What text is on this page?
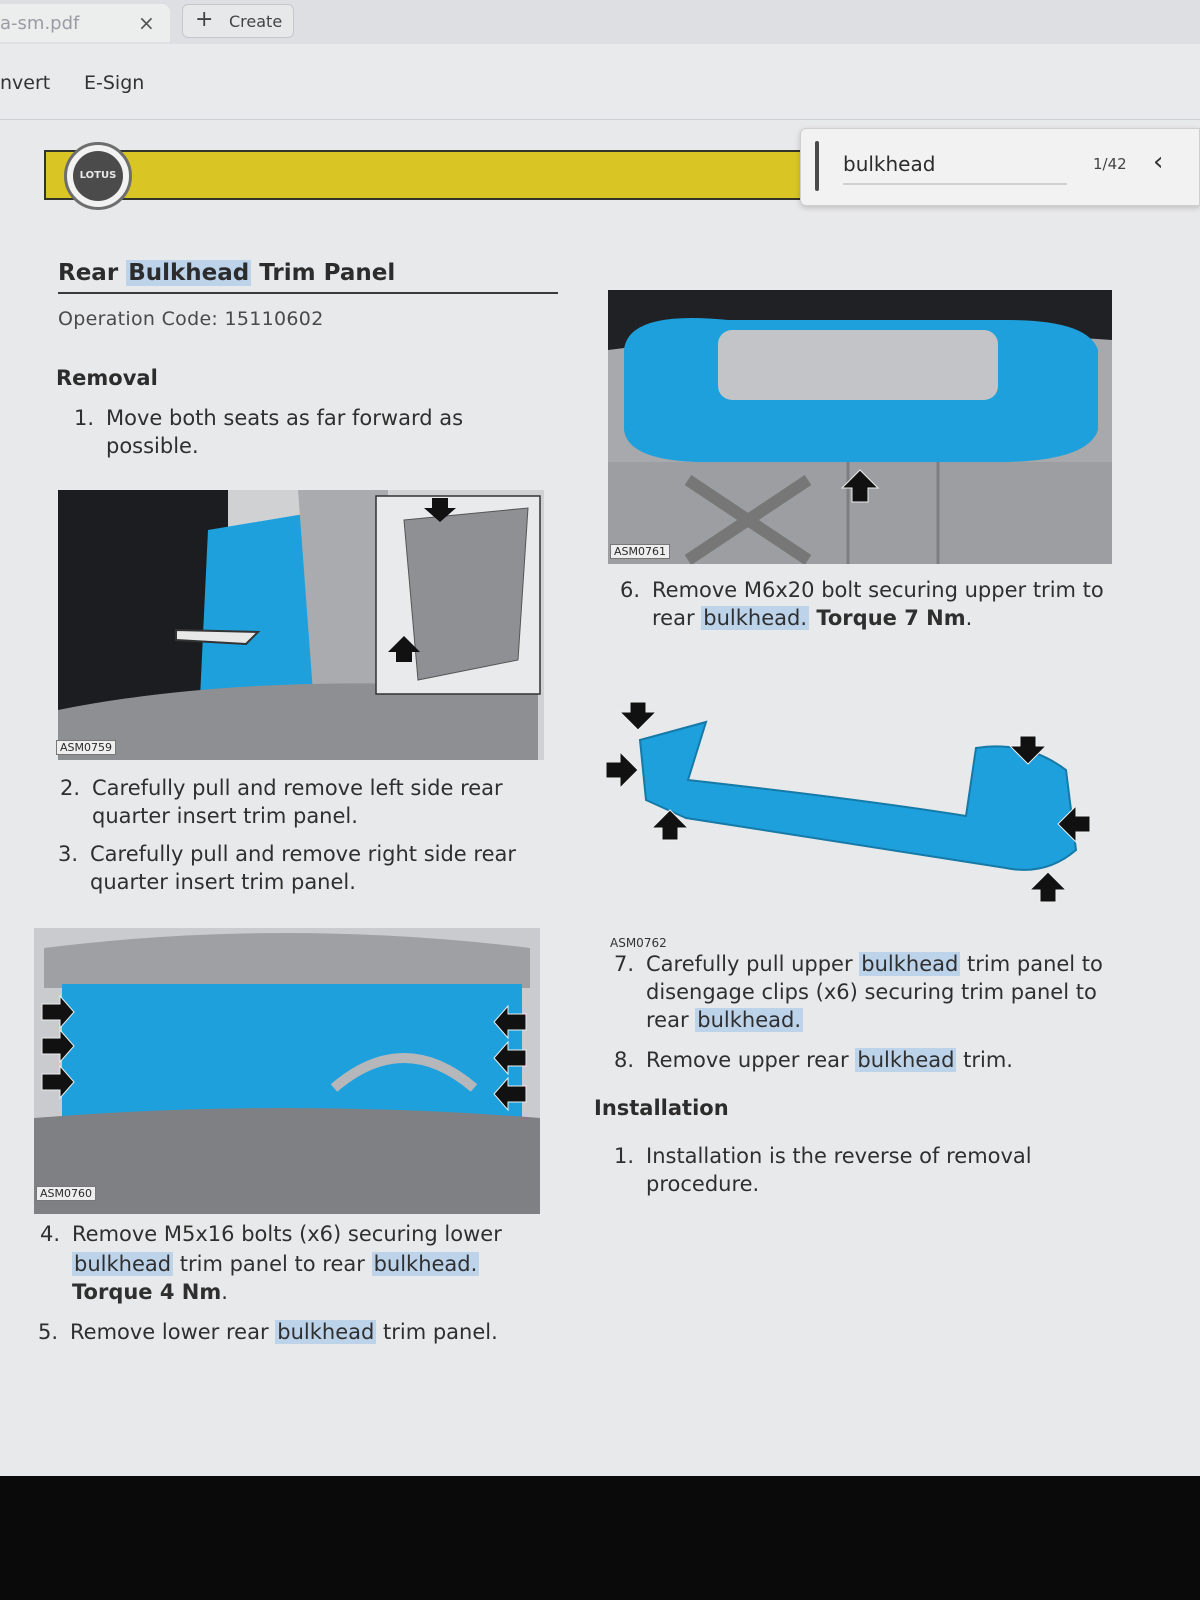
a-sm.pdf	× + Create
nvert E-Sign
LOTUS
bulkhead
1/42 ‹
Rear Bulkhead Trim Panel
Operation Code: 15110602
Removal
1. Move both seats as far forward as
possible.
ASM0759
2. Carefully pull and remove left side rear
quarter insert trim panel.
3. Carefully pull and remove right side rear
quarter insert trim panel.
ASM0760
4. Remove M5x16 bolts (x6) securing lower
bulkhead trim panel to rear bulkhead.
Torque 4 Nm.
5. Remove lower rear bulkhead trim panel.
ASM0761
6. Remove M6x20 bolt securing upper trim to
rear bulkhead. Torque 7 Nm.
ASM0762
7. Carefully pull upper bulkhead trim panel to
disengage clips (x6) securing trim panel to
rear bulkhead.
8. Remove upper rear bulkhead trim.
Installation
1. Installation is the reverse of removal
procedure.
